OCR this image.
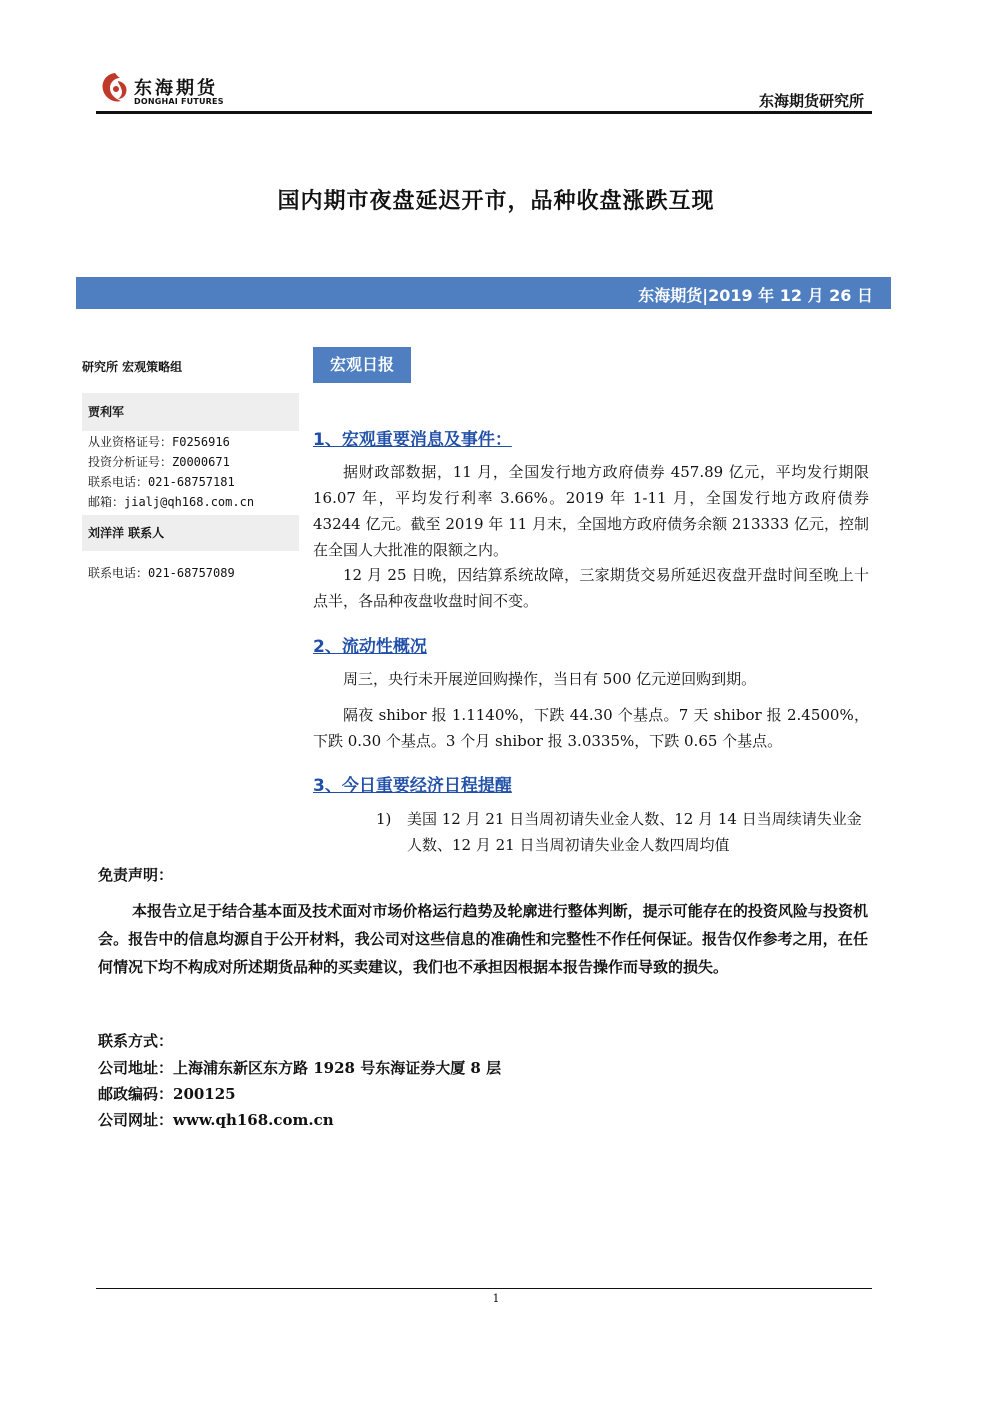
东海期货
DONGHAI FUTURES	东海期货研究所
国内期市夜盘延迟开市，品种收盘涨跌互现
东海期货|2019 年 12 月 26 日
研究所 宏观策略组
贾利军
从业资格证号：F0256916
投资分析证号：Z0000671
联系电话：021-68757181
邮箱：jialj@qh168.com.cn
刘洋洋 联系人
联系电话：021-68757089
宏观日报
1、宏观重要消息及事件：
据财政部数据，11 月，全国发行地方政府债券 457.89 亿元，平均发行期限 16.07 年，平均发行利率 3.66%。2019 年 1-11 月，全国发行地方政府债券 43244 亿元。截至 2019 年 11 月末，全国地方政府债务余额 213333 亿元，控制在全国人大批准的限额之内。
12 月 25 日晚，因结算系统故障，三家期货交易所延迟夜盘开盘时间至晚上十点半，各品种夜盘收盘时间不变。
2、流动性概况
周三，央行未开展逆回购操作，当日有 500 亿元逆回购到期。
隔夜 shibor 报 1.1140%，下跌 44.30 个基点。7 天 shibor 报 2.4500%，下跌 0.30 个基点。3 个月 shibor 报 3.0335%，下跌 0.65 个基点。
3、今日重要经济日程提醒
1) 美国 12 月 21 日当周初请失业金人数、12 月 14 日当周续请失业金人数、12 月 21 日当周初请失业金人数四周均值
免责声明：
本报告立足于结合基本面及技术面对市场价格运行趋势及轮廓进行整体判断，提示可能存在的投资风险与投资机会。报告中的信息均源自于公开材料，我公司对这些信息的准确性和完整性不作任何保证。报告仅作参考之用，在任何情况下均不构成对所述期货品种的买卖建议，我们也不承担因根据本报告操作而导致的损失。
联系方式：
公司地址：上海浦东新区东方路 1928 号东海证券大厦 8 层
邮政编码：200125
公司网址：www.qh168.com.cn
1
